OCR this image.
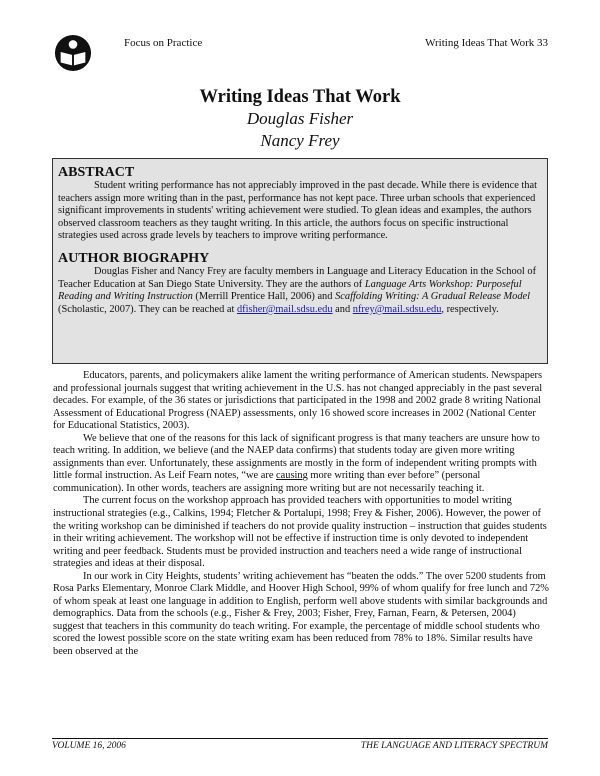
Focus on Practice	Writing Ideas That Work 33
Writing Ideas That Work
Douglas Fisher
Nancy Frey
ABSTRACT

Student writing performance has not appreciably improved in the past decade. While there is evidence that teachers assign more writing than in the past, performance has not kept pace. Three urban schools that experienced significant improvements in students' writing achievement were studied. To glean ideas and examples, the authors observed classroom teachers as they taught writing. In this article, the authors focus on specific instructional strategies used across grade levels by teachers to improve writing performance.

AUTHOR BIOGRAPHY

Douglas Fisher and Nancy Frey are faculty members in Language and Literacy Education in the School of Teacher Education at San Diego State University. They are the authors of Language Arts Workshop: Purposeful Reading and Writing Instruction (Merrill Prentice Hall, 2006) and Scaffolding Writing: A Gradual Release Model (Scholastic, 2007). They can be reached at dfisher@mail.sdsu.edu and nfrey@mail.sdsu.edu, respectively.

Educators, parents, and policymakers alike lament the writing performance of American students. Newspapers and professional journals suggest that writing achievement in the U.S. has not changed appreciably in the past several decades. For example, of the 36 states or jurisdictions that participated in the 1998 and 2002 grade 8 writing National Assessment of Educational Progress (NAEP) assessments, only 16 showed score increases in 2002 (National Center for Educational Statistics, 2003).

We believe that one of the reasons for this lack of significant progress is that many teachers are unsure how to teach writing. In addition, we believe (and the NAEP data confirms) that students today are given more writing assignments than ever. Unfortunately, these assignments are mostly in the form of independent writing prompts with little formal instruction. As Leif Fearn notes, “we are causing more writing than ever before” (personal communication). In other words, teachers are assigning more writing but are not necessarily teaching it.

The current focus on the workshop approach has provided teachers with opportunities to model writing instructional strategies (e.g., Calkins, 1994; Fletcher & Portalupi, 1998; Frey & Fisher, 2006). However, the power of the writing workshop can be diminished if teachers do not provide quality instruction – instruction that guides students in their writing achievement. The workshop will not be effective if instruction time is only devoted to independent writing and peer feedback. Students must be provided instruction and teachers need a wide range of instructional strategies and ideas at their disposal.

In our work in City Heights, students’ writing achievement has “beaten the odds.” The over 5200 students from Rosa Parks Elementary, Monroe Clark Middle, and Hoover High School, 99% of whom qualify for free lunch and 72% of whom speak at least one language in addition to English, perform well above students with similar backgrounds and demographics. Data from the schools (e.g., Fisher & Frey, 2003; Fisher, Frey, Farnan, Fearn, & Petersen, 2004) suggest that teachers in this community do teach writing. For example, the percentage of middle school students who scored the lowest possible score on the state writing exam has been reduced from 78% to 18%. Similar results have been observed at the

VOLUME 16, 2006	THE LANGUAGE AND LITERACY SPECTRUM
